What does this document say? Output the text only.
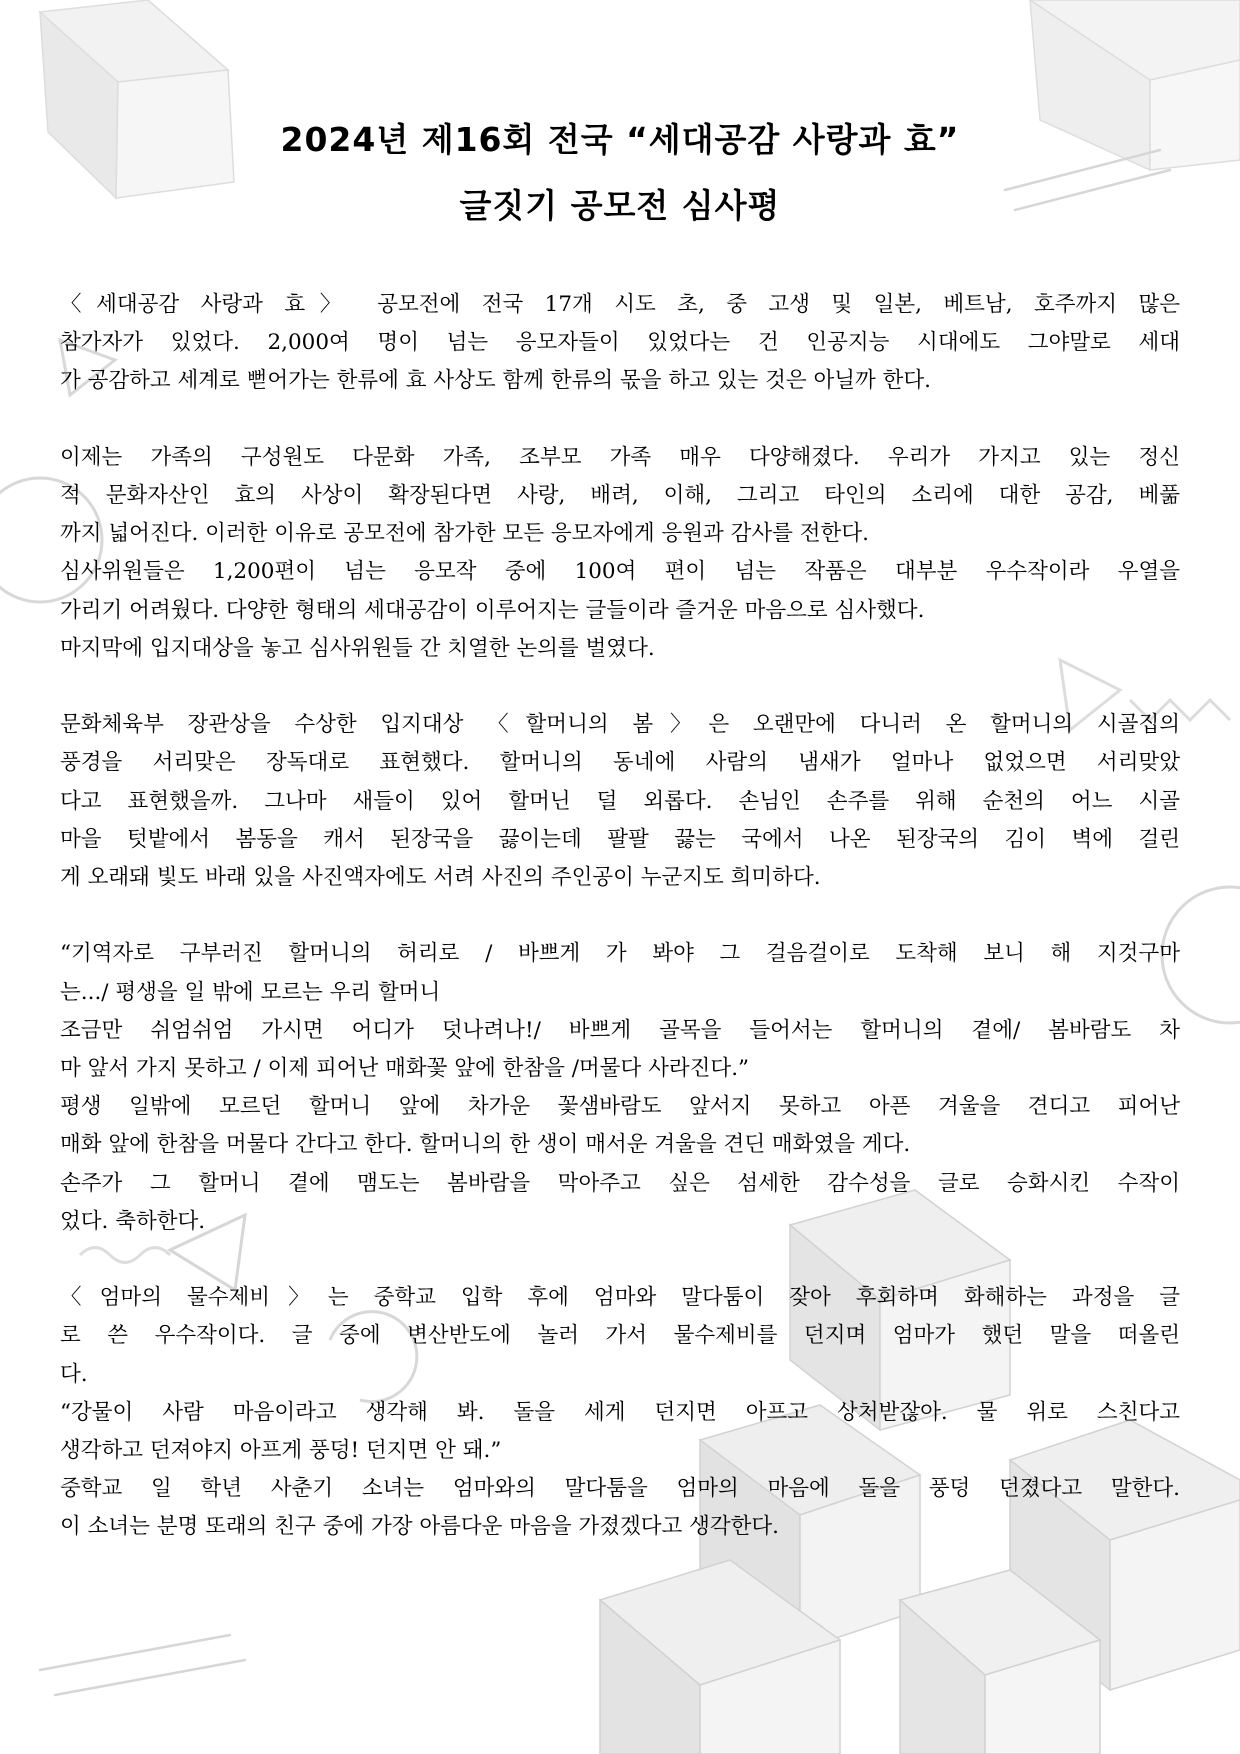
2024년 제16회 전국 “세대공감 사랑과 효”
글짓기 공모전 심사평

〈세대공감 사랑과 효〉 공모전에 전국 17개 시도 초, 중 고생 및 일본, 베트남, 호주까지 많은

참가자가 있었다. 2,000여 명이 넘는 응모자들이 있었다는 건 인공지능 시대에도 그야말로 세대

가 공감하고 세계로 뻗어가는 한류에 효 사상도 함께 한류의 몫을 하고 있는 것은 아닐까 한다.

이제는 가족의 구성원도 다문화 가족, 조부모 가족 매우 다양해졌다. 우리가 가지고 있는 정신

적 문화자산인 효의 사상이 확장된다면 사랑, 배려, 이해, 그리고 타인의 소리에 대한 공감, 베풂

까지 넓어진다. 이러한 이유로 공모전에 참가한 모든 응모자에게 응원과 감사를 전한다.

심사위원들은 1,200편이 넘는 응모작 중에 100여 편이 넘는 작품은 대부분 우수작이라 우열을

가리기 어려웠다. 다양한 형태의 세대공감이 이루어지는 글들이라 즐거운 마음으로 심사했다.

마지막에 입지대상을 놓고 심사위원들 간 치열한 논의를 벌였다.

문화체육부 장관상을 수상한 입지대상 〈할머니의 봄〉은 오랜만에 다니러 온 할머니의 시골집의

풍경을 서리맞은 장독대로 표현했다. 할머니의 동네에 사람의 냄새가 얼마나 없었으면 서리맞았

다고 표현했을까. 그나마 새들이 있어 할머닌 덜 외롭다. 손님인 손주를 위해 순천의 어느 시골

마을 텃밭에서 봄동을 캐서 된장국을 끓이는데 팔팔 끓는 국에서 나온 된장국의 김이 벽에 걸린

게 오래돼 빛도 바래 있을 사진액자에도 서려 사진의 주인공이 누군지도 희미하다.

“기역자로 구부러진 할머니의 허리로 / 바쁘게 가 봐야 그 걸음걸이로 도착해 보니 해 지것구마

는.../ 평생을 일 밖에 모르는 우리 할머니

조금만 쉬엄쉬엄 가시면 어디가 덧나려나!/ 바쁘게 골목을 들어서는 할머니의 곁에/ 봄바람도 차

마 앞서 가지 못하고 / 이제 피어난 매화꽃 앞에 한참을 /머물다 사라진다.”

평생 일밖에 모르던 할머니 앞에 차가운 꽃샘바람도 앞서지 못하고 아픈 겨울을 견디고 피어난

매화 앞에 한참을 머물다 간다고 한다. 할머니의 한 생이 매서운 겨울을 견딘 매화였을 게다.

손주가 그 할머니 곁에 맴도는 봄바람을 막아주고 싶은 섬세한 감수성을 글로 승화시킨 수작이

었다. 축하한다.

〈엄마의 물수제비〉는 중학교 입학 후에 엄마와 말다툼이 잦아 후회하며 화해하는 과정을 글

로 쓴 우수작이다. 글 중에 변산반도에 놀러 가서 물수제비를 던지며 엄마가 했던 말을 떠올린

다.

“강물이 사람 마음이라고 생각해 봐. 돌을 세게 던지면 아프고 상처받잖아. 물 위로 스친다고

생각하고 던져야지 아프게 풍덩! 던지면 안 돼.”

중학교 일 학년 사춘기 소녀는 엄마와의 말다툼을 엄마의 마음에 돌을 풍덩 던졌다고 말한다.

이 소녀는 분명 또래의 친구 중에 가장 아름다운 마음을 가졌겠다고 생각한다.
